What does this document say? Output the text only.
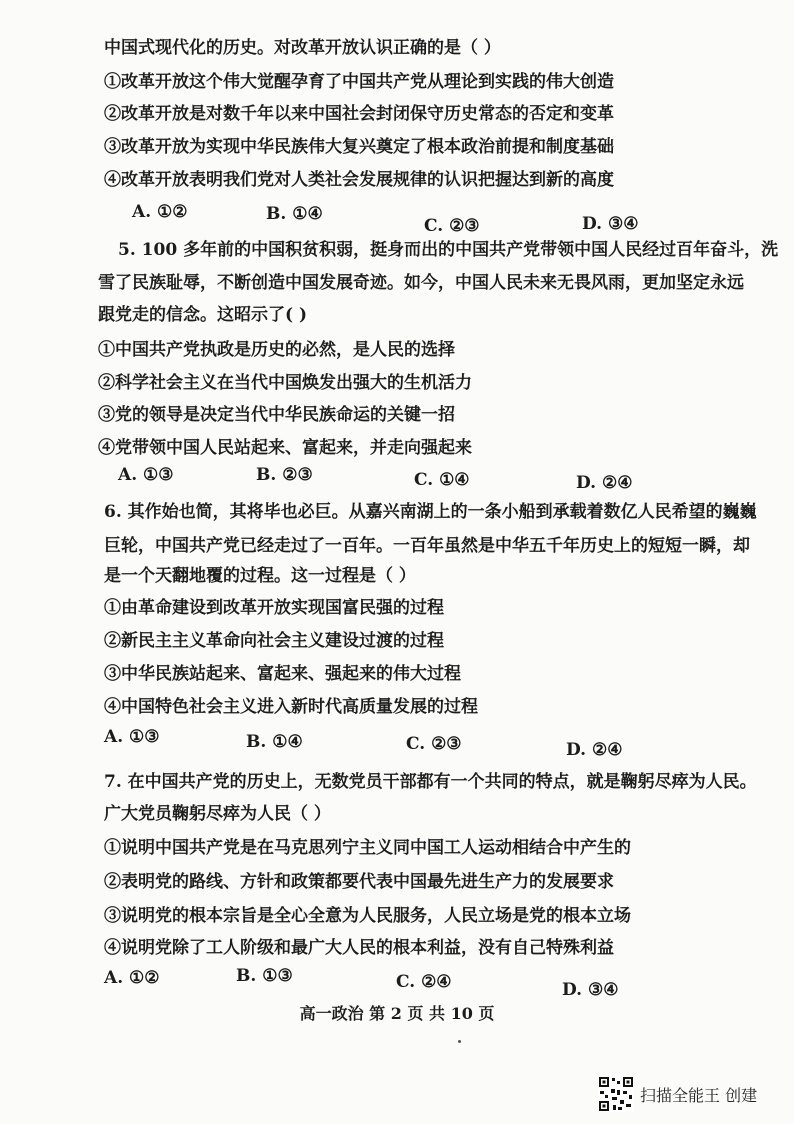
中国式现代化的历史。对改革开放认识正确的是（ ）
①改革开放这个伟大觉醒孕育了中国共产党从理论到实践的伟大创造
②改革开放是对数千年以来中国社会封闭保守历史常态的否定和变革
③改革开放为实现中华民族伟大复兴奠定了根本政治前提和制度基础
④改革开放表明我们党对人类社会发展规律的认识把握达到新的高度
A. ①②	B. ①④
C. ②③	D. ③④
5. 100 多年前的中国积贫积弱，挺身而出的中国共产党带领中国人民经过百年奋斗，洗
雪了民族耻辱，不断创造中国发展奇迹。如今，中国人民未来无畏风雨，更加坚定永远
跟党走的信念。这昭示了( )
①中国共产党执政是历史的必然，是人民的选择
②科学社会主义在当代中国焕发出强大的生机活力
③党的领导是决定当代中华民族命运的关键一招
④党带领中国人民站起来、富起来，并走向强起来
A. ①③	B. ②③	C. ①④	D. ②④
6. 其作始也简，其将毕也必巨。从嘉兴南湖上的一条小船到承载着数亿人民希望的巍巍
巨轮，中国共产党已经走过了一百年。一百年虽然是中华五千年历史上的短短一瞬，却
是一个天翻地覆的过程。这一过程是（ ）
①由革命建设到改革开放实现国富民强的过程
②新民主主义革命向社会主义建设过渡的过程
③中华民族站起来、富起来、强起来的伟大过程
④中国特色社会主义进入新时代高质量发展的过程
A. ①③	B. ①④	C. ②③	D. ②④
7. 在中国共产党的历史上，无数党员干部都有一个共同的特点，就是鞠躬尽瘁为人民。
广大党员鞠躬尽瘁为人民（ ）
①说明中国共产党是在马克思列宁主义同中国工人运动相结合中产生的
②表明党的路线、方针和政策都要代表中国最先进生产力的发展要求
③说明党的根本宗旨是全心全意为人民服务，人民立场是党的根本立场
④说明党除了工人阶级和最广大人民的根本利益，没有自己特殊利益
A. ①②	B. ①③	C. ②④	D. ③④
高一政治 第 2 页 共 10 页
扫描全能王 创建
